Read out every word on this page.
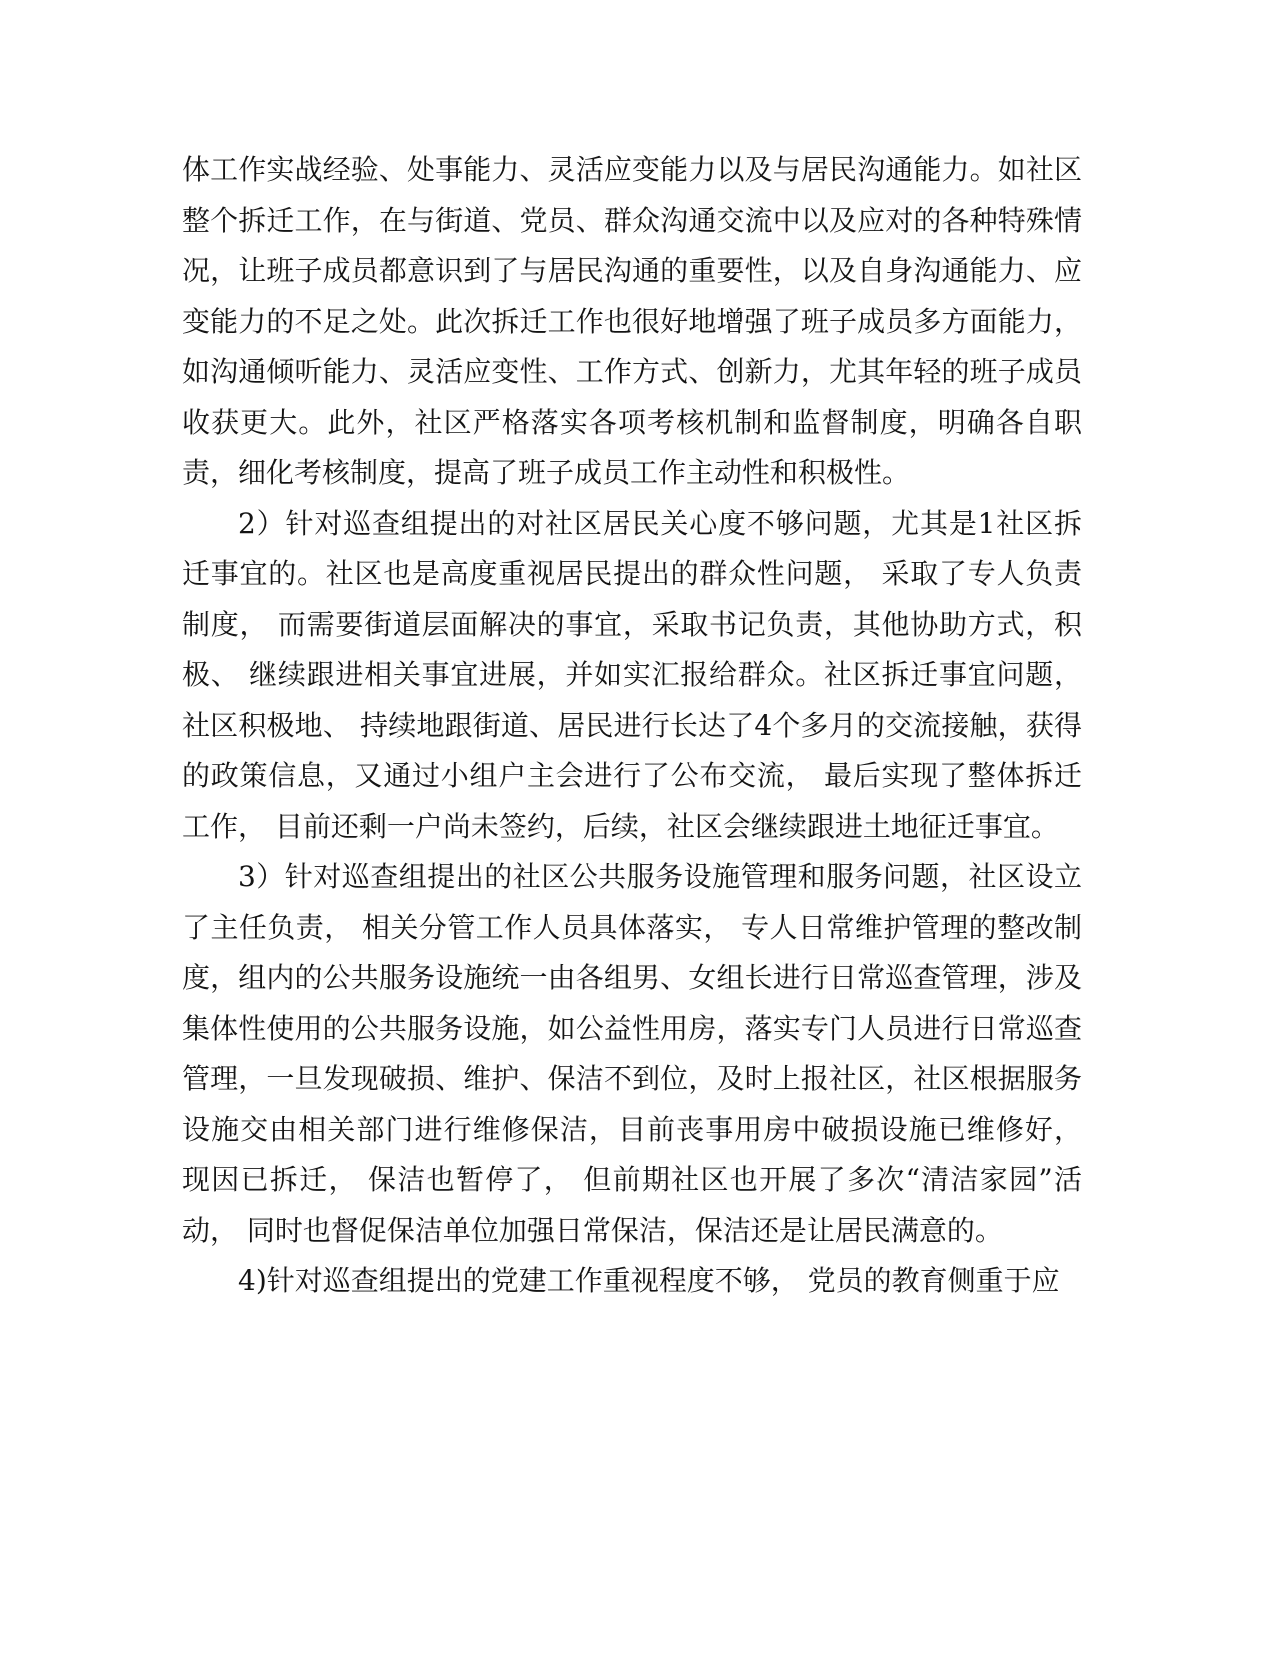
体工作实战经验、处事能力、灵活应变能力以及与居民沟通能力。如社区整个拆迁工作，在与街道、党员、群众沟通交流中以及应对的各种特殊情况，让班子成员都意识到了与居民沟通的重要性，以及自身沟通能力、应变能力的不足之处。此次拆迁工作也很好地增强了班子成员多方面能力，如沟通倾听能力、灵活应变性、工作方式、创新力，尤其年轻的班子成员收获更大。此外，社区严格落实各项考核机制和监督制度，明确各自职责，细化考核制度，提高了班子成员工作主动性和积极性。

2）针对巡查组提出的对社区居民关心度不够问题，尤其是1社区拆迁事宜的。社区也是高度重视居民提出的群众性问题， 采取了专人负责制度， 而需要街道层面解决的事宜，采取书记负责，其他协助方式，积极、 继续跟进相关事宜进展，并如实汇报给群众。社区拆迁事宜问题，社区积极地、 持续地跟街道、居民进行长达了4个多月的交流接触，获得的政策信息，又通过小组户主会进行了公布交流， 最后实现了整体拆迁工作， 目前还剩一户尚未签约，后续，社区会继续跟进土地征迁事宜。

3）针对巡查组提出的社区公共服务设施管理和服务问题，社区设立了主任负责， 相关分管工作人员具体落实， 专人日常维护管理的整改制度，组内的公共服务设施统一由各组男、女组长进行日常巡查管理，涉及集体性使用的公共服务设施，如公益性用房，落实专门人员进行日常巡查管理，一旦发现破损、维护、保洁不到位，及时上报社区，社区根据服务设施交由相关部门进行维修保洁，目前丧事用房中破损设施已维修好， 现因已拆迁， 保洁也暂停了， 但前期社区也开展了多次“清洁家园”活动， 同时也督促保洁单位加强日常保洁，保洁还是让居民满意的。

4)针对巡查组提出的党建工作重视程度不够， 党员的教育侧重于应
